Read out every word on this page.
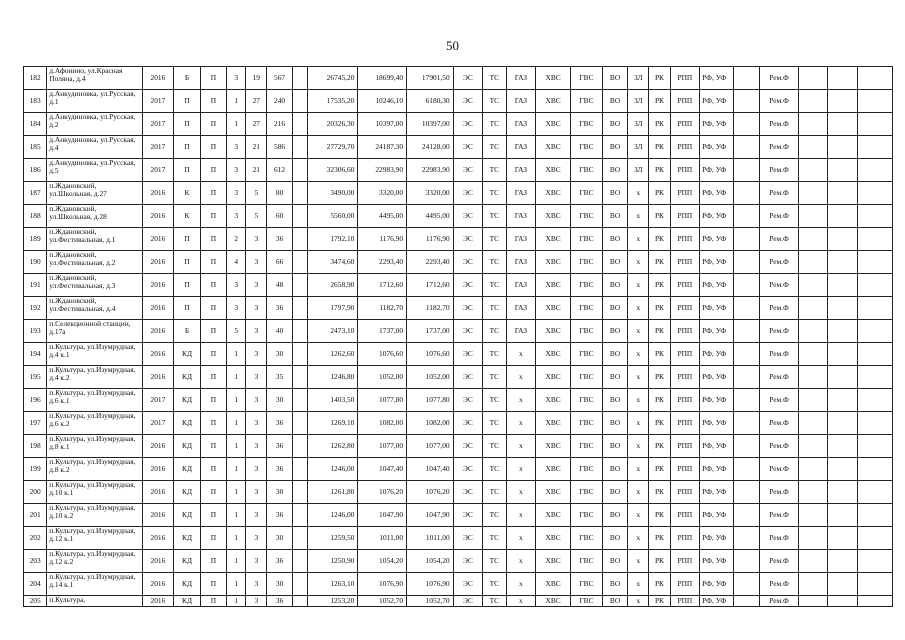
50
182	д.Афонино, ул.Красная Поляна, д.4	2016	Б	П	3	19	567		26745,20	18699,40	17901,50	ЭС	ТС	ГАЗ	ХВС	ГВС	ВО	ЗЛ	РК	РПП	РФ, УФ		Рем.Ф			
183	д.Анкудиновка, ул.Русская, д.1	2017	П	П	1	27	240		17535,20	10246,10	6180,30	ЭС	ТС	ГАЗ	ХВС	ГВС	ВО	ЗЛ	РК	РПП	РФ, УФ		Рем.Ф			
184	д.Анкудиновка, ул.Русская, д.2	2017	П	П	1	27	216		20326,30	10397,00	10397,00	ЭС	ТС	ГАЗ	ХВС	ГВС	ВО	ЗЛ	РК	РПП	РФ, УФ		Рем.Ф			
185	д.Анкудиновка, ул.Русская, д.4	2017	П	П	3	21	586		27729,70	24187,30	24128,00	ЭС	ТС	ГАЗ	ХВС	ГВС	ВО	ЗЛ	РК	РПП	РФ, УФ		Рем.Ф			
186	д.Анкудиновка, ул.Русская, д.5	2017	П	П	3	21	612		32306,60	22983,90	22983,90	ЭС	ТС	ГАЗ	ХВС	ГВС	ВО	ЗЛ	РК	РПП	РФ, УФ		Рем.Ф			
187	п.Ждановский, ул.Школьная, д.27	2016	К	П	3	5	80		3490,00	3320,00	3320,00	ЭС	ТС	ГАЗ	ХВС	ГВС	ВО	х	РК	РПП	РФ, УФ		Рем.Ф			
188	п.Ждановский, ул.Школьная, д.28	2016	К	П	3	5	60		5560,00	4495,00	4495,00	ЭС	ТС	ГАЗ	ХВС	ГВС	ВО	х	РК	РПП	РФ, УФ		Рем.Ф			
189	п.Ждановский, ул.Фестивальная, д.1	2016	П	П	2	3	36		1792,10	1176,90	1176,90	ЭС	ТС	ГАЗ	ХВС	ГВС	ВО	х	РК	РПП	РФ, УФ		Рем.Ф			
190	п.Ждановский, ул.Фестивальная, д.2	2016	П	П	4	3	66		3474,60	2293,40	2293,40	ЭС	ТС	ГАЗ	ХВС	ГВС	ВО	х	РК	РПП	РФ, УФ		Рем.Ф			
191	п.Ждановский, ул.Фестивальная, д.3	2016	П	П	3	3	48		2658,90	1712,60	1712,60	ЭС	ТС	ГАЗ	ХВС	ГВС	ВО	х	РК	РПП	РФ, УФ		Рем.Ф			
192	п.Ждановский, ул.Фестивальная, д.4	2016	П	П	3	3	36		1797,90	1182,70	1182,70	ЭС	ТС	ГАЗ	ХВС	ГВС	ВО	х	РК	РПП	РФ, УФ		Рем.Ф			
193	п.Селекционной станции, д.17а	2016	Б	П	5	3	40		2473,10	1737,00	1737,00	ЭС	ТС	ГАЗ	ХВС	ГВС	ВО	х	РК	РПП	РФ, УФ		Рем.Ф			
194	п.Культура, ул.Изумрудная, д.4 к.1	2016	КД	П	1	3	30		1262,60	1076,60	1076,60	ЭС	ТС	х	ХВС	ГВС	ВО	х	РК	РПП	РФ, УФ		Рем.Ф			
195	п.Культура, ул.Изумрудная, д.4 к.2	2016	КД	П	1	3	35		1246,80	1052,00	1052,00	ЭС	ТС	х	ХВС	ГВС	ВО	х	РК	РПП	РФ, УФ		Рем.Ф			
196	п.Культура, ул.Изумрудная, д.6 к.1	2017	КД	П	1	3	30		1403,50	1077,80	1077,80	ЭС	ТС	х	ХВС	ГВС	ВО	х	РК	РПП	РФ, УФ		Рем.Ф			
197	п.Культура, ул.Изумрудная, д.6 к.2	2017	КД	П	1	3	36		1269,10	1082,00	1082,00	ЭС	ТС	х	ХВС	ГВС	ВО	х	РК	РПП	РФ, УФ		Рем.Ф			
198	п.Культура, ул.Изумрудная, д.8 к.1	2016	КД	П	1	3	36		1262,80	1077,00	1077,00	ЭС	ТС	х	ХВС	ГВС	ВО	х	РК	РПП	РФ, УФ		Рем.Ф			
199	п.Культура, ул.Изумрудная, д.8 к.2	2016	КД	П	1	3	36		1246,00	1047,40	1047,40	ЭС	ТС	х	ХВС	ГВС	ВО	х	РК	РПП	РФ, УФ		Рем.Ф			
200	п.Культура, ул.Изумрудная, д.10 к.1	2016	КД	П	1	3	30		1261,80	1076,20	1076,20	ЭС	ТС	х	ХВС	ГВС	ВО	х	РК	РПП	РФ, УФ		Рем.Ф			
201	п.Культура, ул.Изумрудная, д.10 к.2	2016	КД	П	1	3	36		1246,00	1047,90	1047,90	ЭС	ТС	х	ХВС	ГВС	ВО	х	РК	РПП	РФ, УФ		Рем.Ф			
202	п.Культура, ул.Изумрудная, д.12 к.1	2016	КД	П	1	3	30		1259,50	1011,00	1011,00	ЭС	ТС	х	ХВС	ГВС	ВО	х	РК	РПП	РФ, УФ		Рем.Ф			
203	п.Культура, ул.Изумрудная, д.12 к.2	2016	КД	П	1	3	36		1250,90	1054,20	1054,20	ЭС	ТС	х	ХВС	ГВС	ВО	х	РК	РПП	РФ, УФ		Рем.Ф			
204	п.Культура, ул.Изумрудная, д.14 к.1	2016	КД	П	1	3	30		1263,10	1076,90	1076,90	ЭС	ТС	х	ХВС	ГВС	ВО	х	РК	РПП	РФ, УФ		Рем.Ф			
205	п.Культура,	2016	КД	П	1	3	36		1253,20	1052,70	1052,70	ЭС	ТС	х	ХВС	ГВС	ВО	х	РК	РПП	РФ, УФ		Рем.Ф			
